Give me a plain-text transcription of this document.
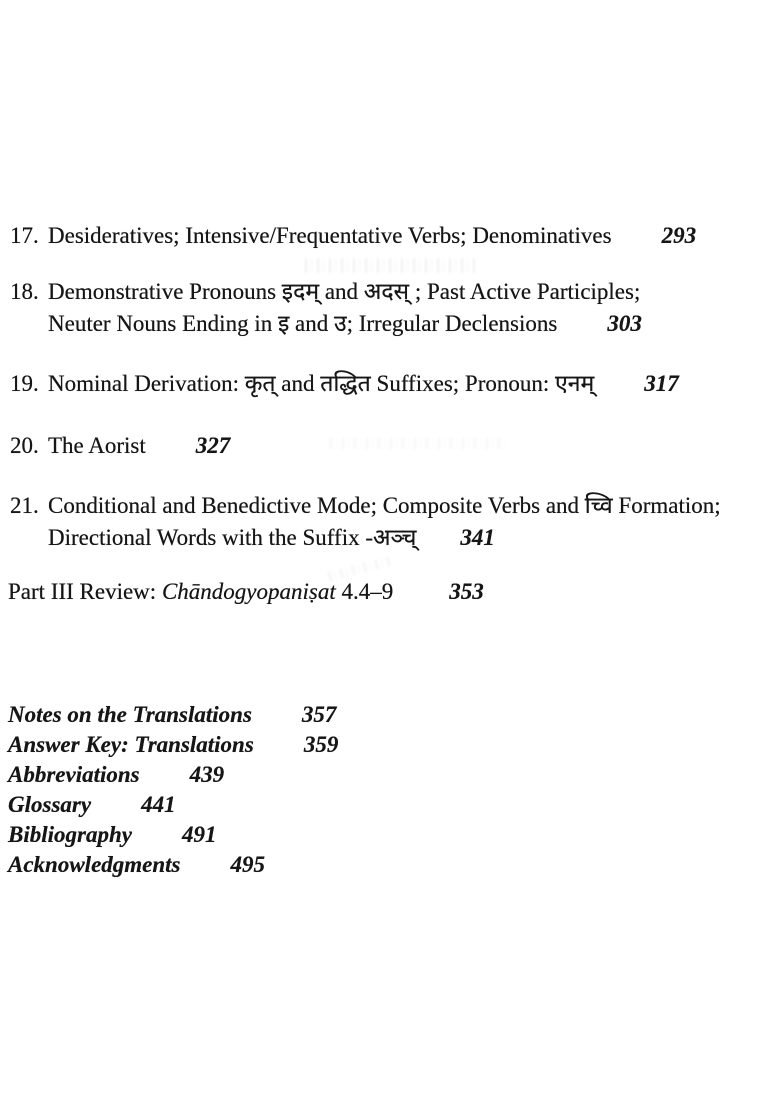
17. Desideratives; Intensive/Frequentative Verbs; Denominatives 293
18. Demonstrative Pronouns इदम् and अदस् ; Past Active Participles;
Neuter Nouns Ending in इ and उ; Irregular Declensions 303
19. Nominal Derivation: कृत् and तद्धित Suffixes; Pronoun: एनम् 317
20. The Aorist 327
21. Conditional and Benedictive Mode; Composite Verbs and च्वि Formation;
Directional Words with the Suffix -अञ्च् 341
Part III Review: Chāndogyopaniṣat 4.4–9 353
Notes on the Translations 357
Answer Key: Translations 359
Abbreviations 439
Glossary 441
Bibliography 491
Acknowledgments 495
